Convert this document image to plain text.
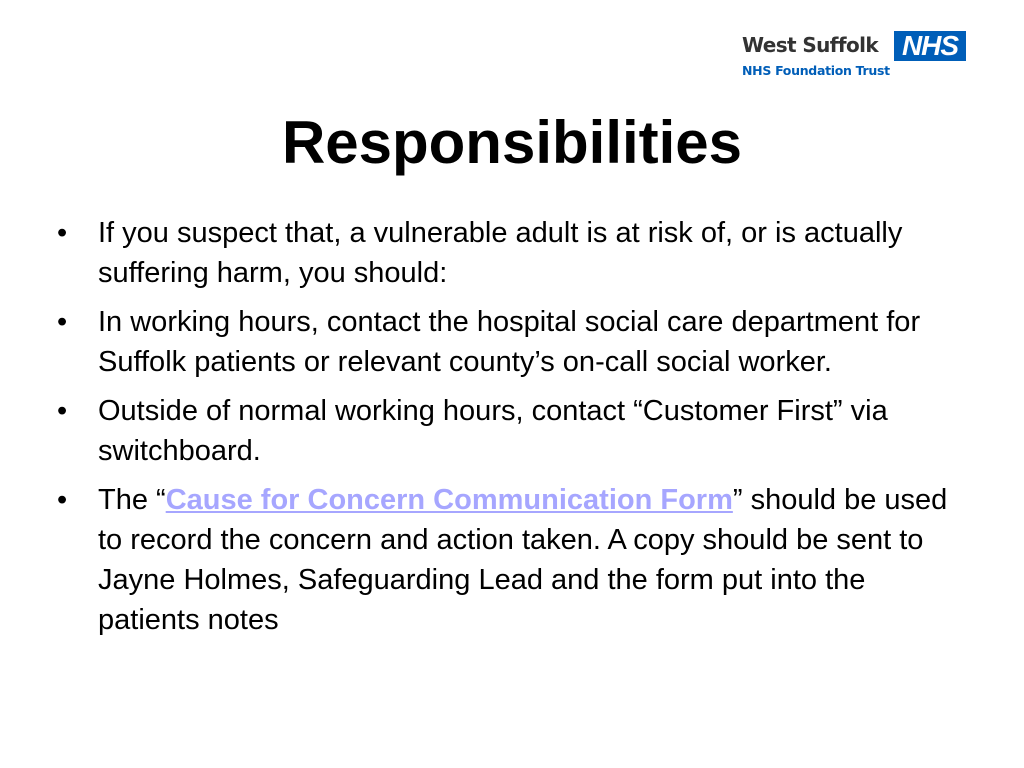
West Suffolk NHS
NHS Foundation Trust
Responsibilities
• If you suspect that, a vulnerable adult is at risk of, or is actually suffering harm, you should:
• In working hours, contact the hospital social care department for Suffolk patients or relevant county’s on-call social worker.
• Outside of normal working hours, contact “Customer First” via switchboard.
• The “Cause for Concern Communication Form” should be used to record the concern and action taken. A copy should be sent to Jayne Holmes, Safeguarding Lead and the form put into the patients notes
